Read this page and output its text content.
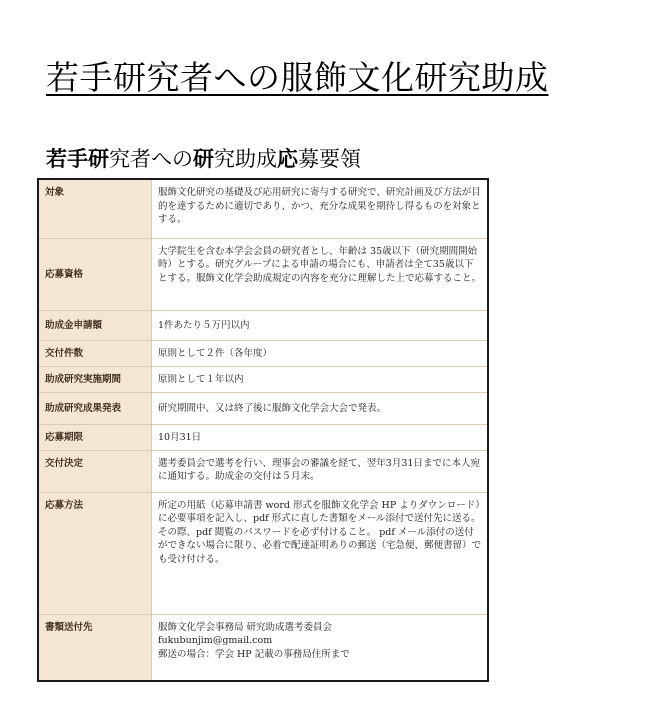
若手研究者への服飾文化研究助成
若手研究者への研究助成応募要領
対象	服飾文化研究の基礎及び応用研究に寄与する研究で、研究計画及び方法が目的を達するために適切であり、かつ、充分な成果を期待し得るものを対象とする。

応募資格	大学院生を含む本学会会員の研究者とし、年齢は 35歳以下（研究期間開始時）とする。研究グループによる申請の場合にも、申請者は全て35歳以下とする。服飾文化学会助成規定の内容を充分に理解した上で応募すること。

助成金申請額	1件あたり５万円以内

交付件数	原則として２件（各年度）

助成研究実施期間	原則として１年以内

助成研究成果発表	研究期間中、又は終了後に服飾文化学会大会で発表。

応募期限	10月31日

交付決定	選考委員会で選考を行い、理事会の審議を経て、翌年3月31日までに本人宛に通知する。助成金の交付は５月末。

応募方法	所定の用紙（応募申請書 word 形式を服飾文化学会 HP よりダウンロード）に必要事項を記入し、pdf 形式に直した書類をメール添付で送付先に送る。その際、pdf 閲覧のパスワードを必ず付けること。 pdf メール添付の送付ができない場合に限り、必着で配達証明ありの郵送（宅急便、郵便書留）でも受け付ける。

書類送付先	服飾文化学会事務局 研究助成選考委員会
fukubunjim@gmail.com
郵送の場合：学会 HP 記載の事務局住所まで
